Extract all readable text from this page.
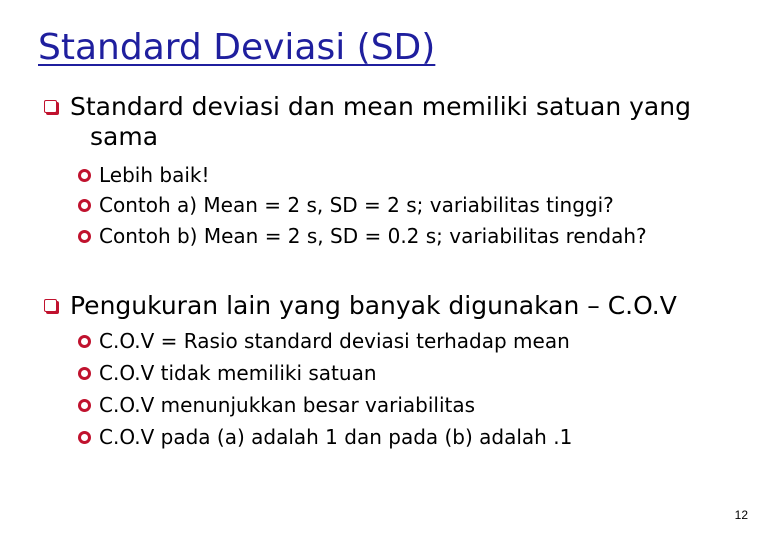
Standard Deviasi (SD)
Standard deviasi dan mean memiliki satuan yang
sama
Lebih baik!
Contoh a) Mean = 2 s, SD = 2 s; variabilitas tinggi?
Contoh b) Mean = 2 s, SD = 0.2 s; variabilitas rendah?
Pengukuran lain yang banyak digunakan – C.O.V
C.O.V = Rasio standard deviasi terhadap mean
C.O.V tidak memiliki satuan
C.O.V menunjukkan besar variabilitas
C.O.V pada (a) adalah 1 dan pada (b) adalah .1
12
